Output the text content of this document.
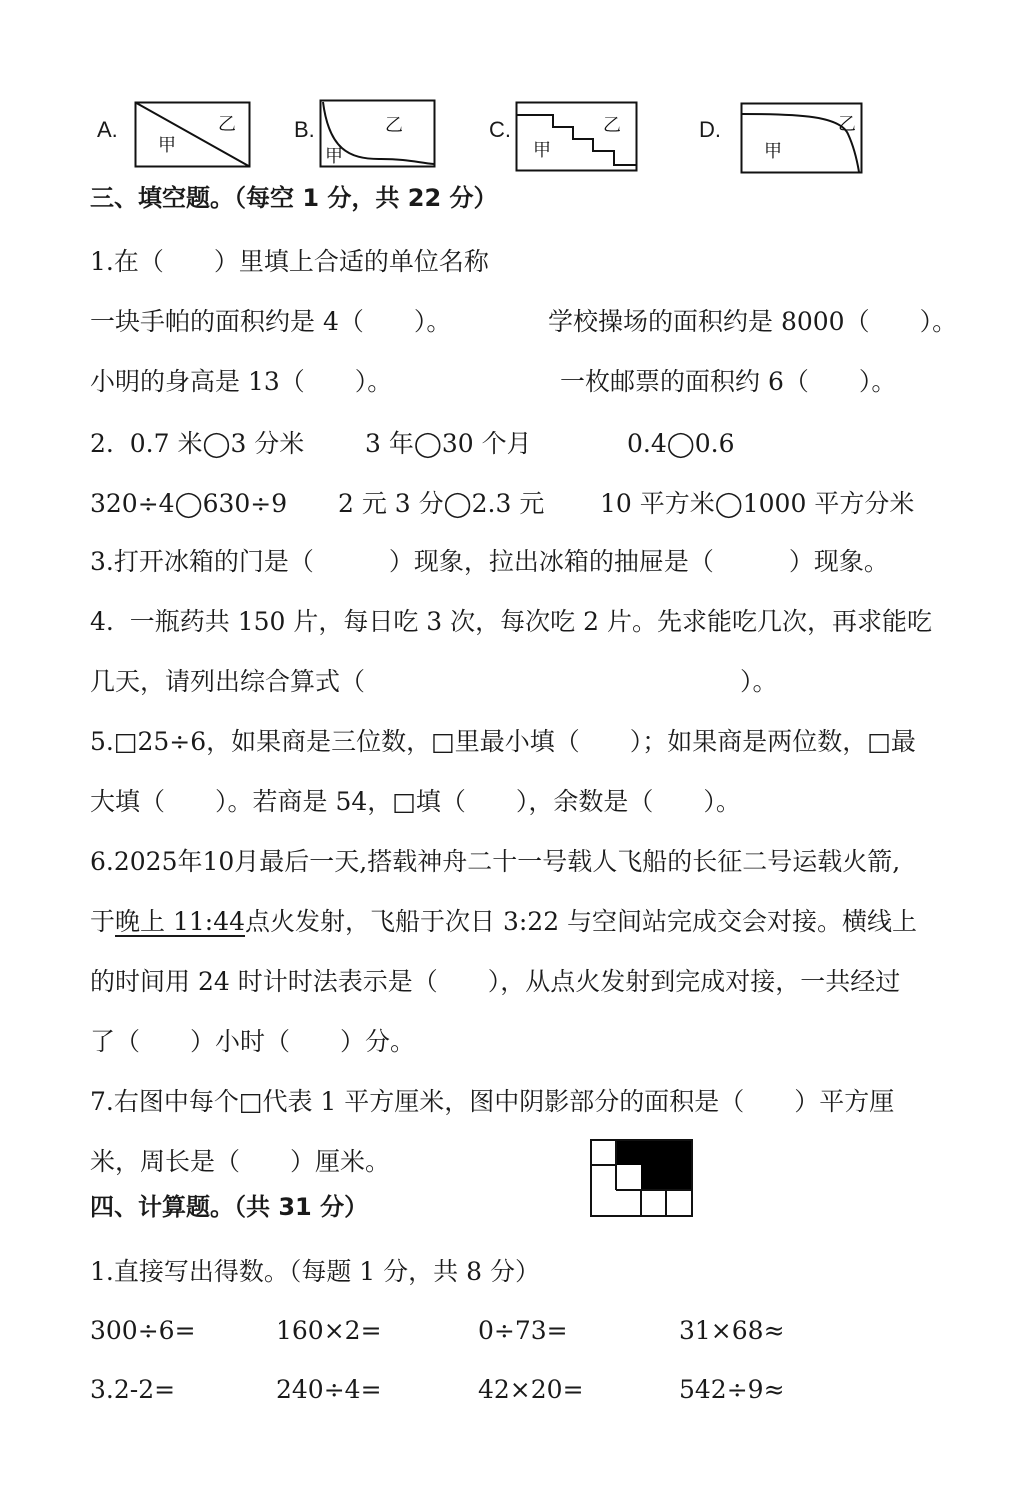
A.
甲
乙	B.
甲
乙	C.
甲
乙	D.
甲
乙
三、填空题。（每空 1 分，共 22 分）
1.在（　　）里填上合适的单位名称
一块手帕的面积约是 4（　　）。	学校操场的面积约是 8000（　　）。
小明的身高是 13（　　）。	一枚邮票的面积约 6（　　）。
2.  0.7 米◯3 分米 3 年◯30 个月	0.4◯0.6
320÷4◯630÷9 2 元 3 分◯2.3 元 10 平方米◯1000 平方分米
3.打开冰箱的门是（　　　）现象，拉出冰箱的抽屉是（　　　）现象。
4.  一瓶药共 150 片，每日吃 3 次，每次吃 2 片。先求能吃几次，再求能吃
几天，请列出综合算式（　　　　　　　　　　　　　　　）。
5.□25÷6，如果商是三位数，□里最小填（　　）；如果商是两位数，□最
大填（　　）。若商是 54，□填（　　），余数是（　　）。
6.2025年10月最后一天,搭载神舟二十一号载人飞船的长征二号运载火箭,
于晚上 11:44点火发射，飞船于次日 3:22 与空间站完成交会对接。横线上
的时间用 24 时计时法表示是（　　），从点火发射到完成对接，一共经过
了（　　）小时（　　）分。
7.右图中每个□代表 1 平方厘米，图中阴影部分的面积是（　　）平方厘
米，周长是（　　）厘米。
四、计算题。（共 31 分）
1.直接写出得数。（每题 1 分，共 8 分）
300÷6=	160×2=	0÷73=	31×68≈
3.2-2=	240÷4=	42×20=	542÷9≈
